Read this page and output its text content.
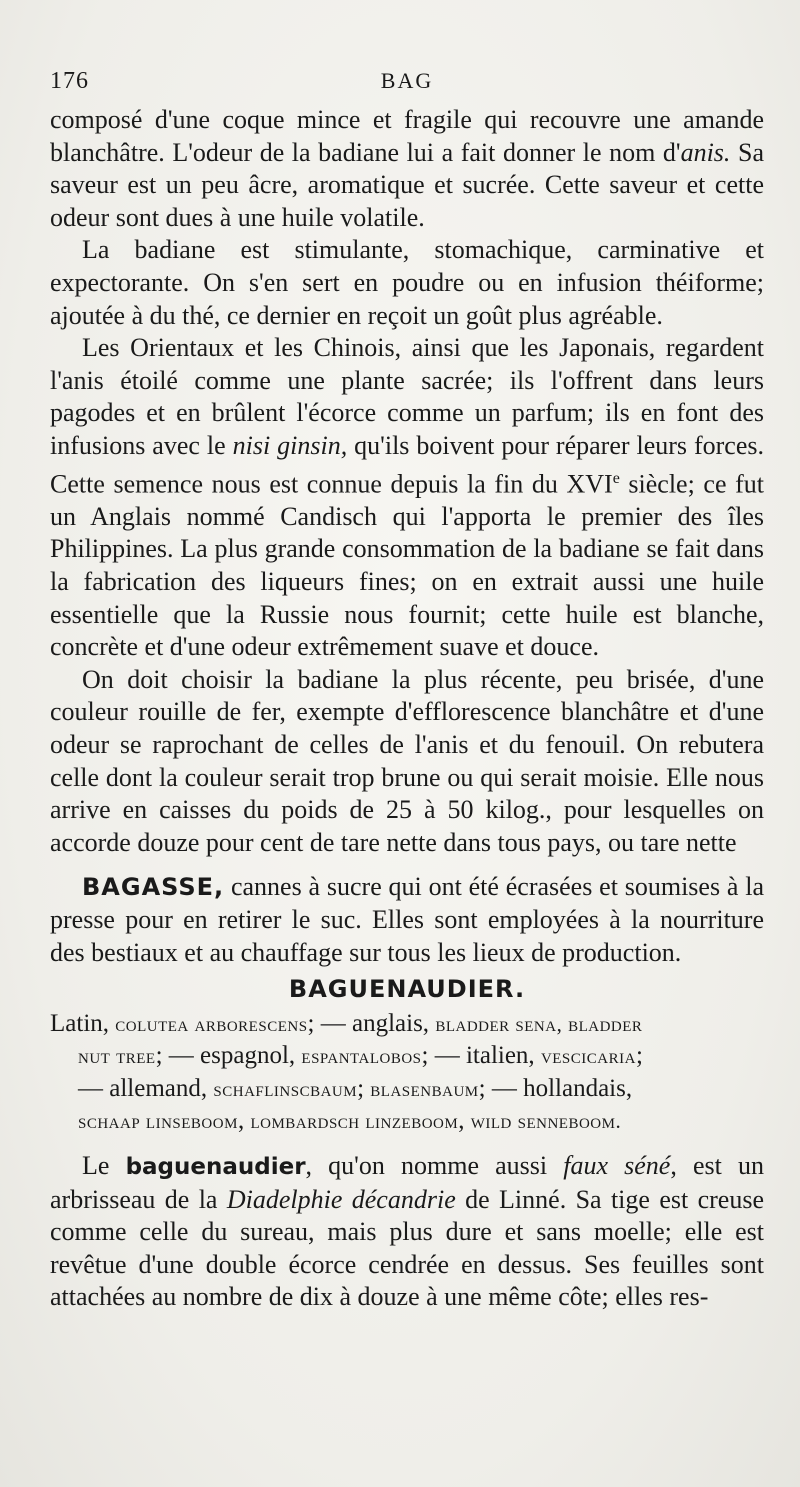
176	BAG

composé d'une coque mince et fragile qui recouvre une amande blanchâtre. L'odeur de la badiane lui a fait donner le nom d'anis. Sa saveur est un peu âcre, aromatique et sucrée. Cette saveur et cette odeur sont dues à une huile volatile.

La badiane est stimulante, stomachique, carminative et expectorante. On s'en sert en poudre ou en infusion théiforme; ajoutée à du thé, ce dernier en reçoit un goût plus agréable.

Les Orientaux et les Chinois, ainsi que les Japonais, regardent l'anis étoilé comme une plante sacrée; ils l'offrent dans leurs pagodes et en brûlent l'écorce comme un parfum; ils en font des infusions avec le nisi ginsin, qu'ils boivent pour réparer leurs forces. Cette semence nous est connue depuis la fin du XVIe siècle; ce fut un Anglais nommé Candisch qui l'apporta le premier des îles Philippines. La plus grande consommation de la badiane se fait dans la fabrication des liqueurs fines; on en extrait aussi une huile essentielle que la Russie nous fournit; cette huile est blanche, concrète et d'une odeur extrêmement suave et douce.

On doit choisir la badiane la plus récente, peu brisée, d'une couleur rouille de fer, exempte d'efflorescence blanchâtre et d'une odeur se raprochant de celles de l'anis et du fenouil. On rebutera celle dont la couleur serait trop brune ou qui serait moisie. Elle nous arrive en caisses du poids de 25 à 50 kilog., pour lesquelles on accorde douze pour cent de tare nette dans tous pays, ou tare nette

BAGASSE, cannes à sucre qui ont été écrasées et soumises à la presse pour en retirer le suc. Elles sont employées à la nourriture des bestiaux et au chauffage sur tous les lieux de production.

BAGUENAUDIER.

Latin, colutea arborescens; — anglais, bladder sena, bladder

nut tree; — espagnol, espantalobos; — italien, vescicaria;

— allemand, schaflinscbaum; blasenbaum; — hollandais,

schaap linseboom, lombardsch linzeboom, wild senneboom.

Le baguenaudier, qu'on nomme aussi faux séné, est un arbrisseau de la Diadelphie décandrie de Linné. Sa tige est creuse comme celle du sureau, mais plus dure et sans moelle; elle est revêtue d'une double écorce cendrée en dessus. Ses feuilles sont attachées au nombre de dix à douze à une même côte; elles res-
